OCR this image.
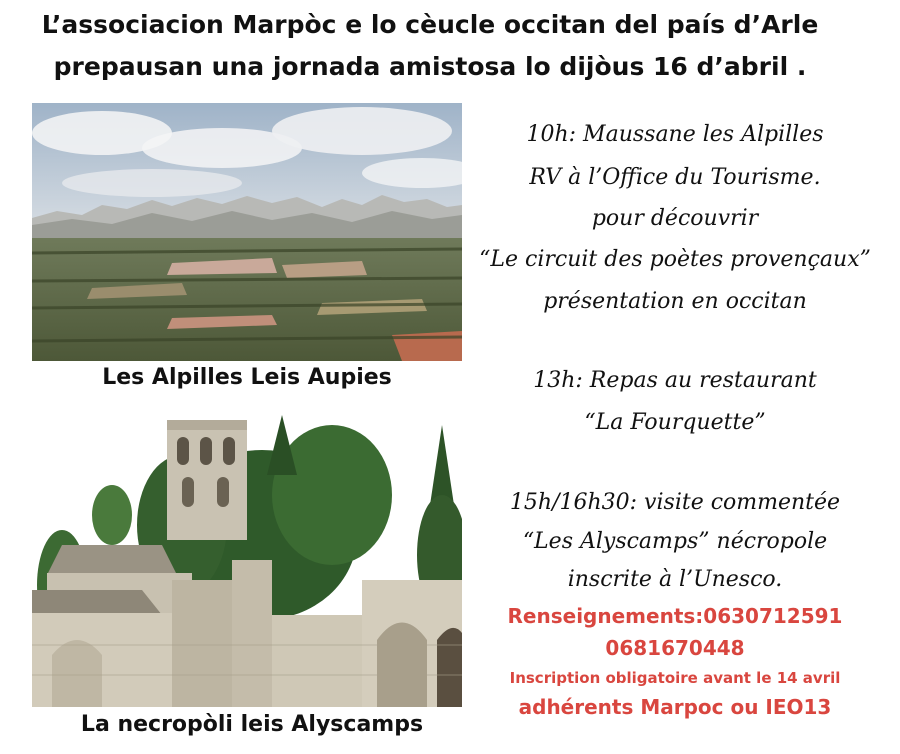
L’associacion Marpòc e lo cèucle occitan del país d’Arle
prepausan una jornada amistosa lo dijòus 16 d’abril .
Les Alpilles Leis Aupies
La necropòli leis Alyscamps
10h: Maussane les Alpilles
RV à l’Office du Tourisme.
pour découvrir
“Le circuit des poètes provençaux”
présentation en occitan
13h: Repas au restaurant
“La Fourquette”
15h/16h30: visite commentée
“Les Alyscamps” nécropole
inscrite à l’Unesco.
Renseignements:0630712591
0681670448
Inscription obligatoire avant le 14 avril
adhérents Marpoc ou IEO13
